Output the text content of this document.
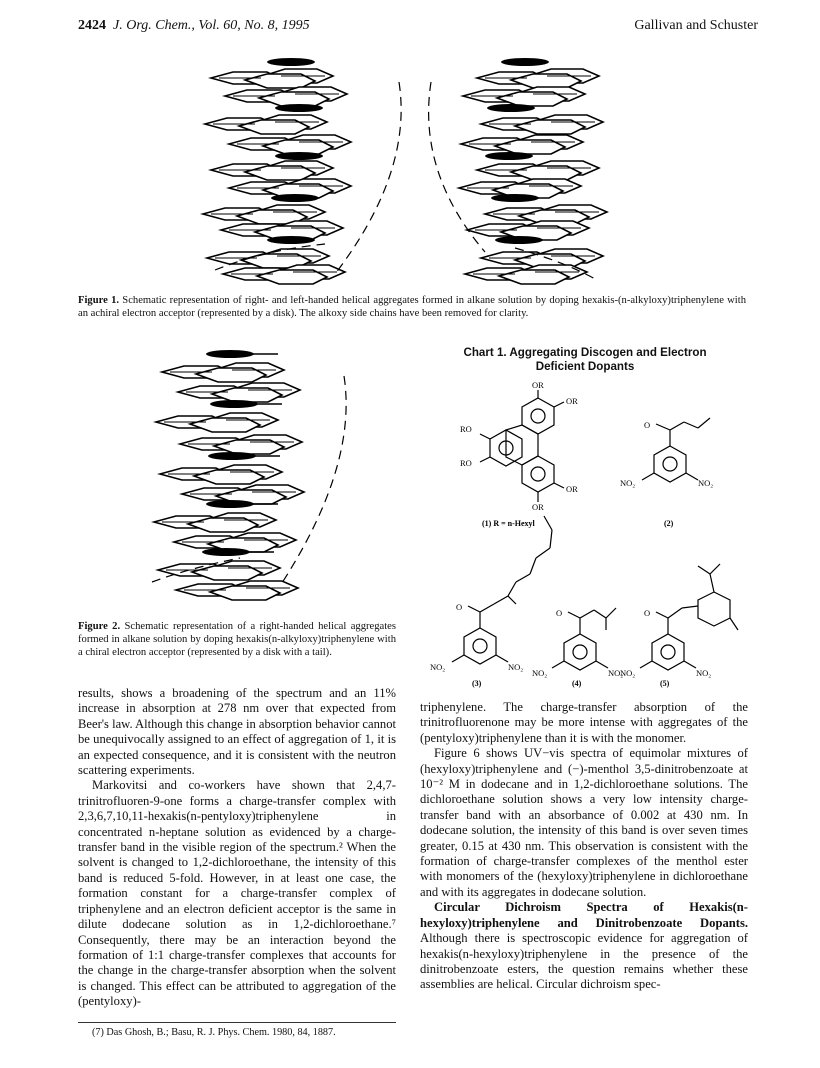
2424 J. Org. Chem., Vol. 60, No. 8, 1995	Gallivan and Schuster
Figure 1. Schematic representation of right- and left-handed helical aggregates formed in alkane solution by doping hexakis-(n-alkyloxy)triphenylene with an achiral electron acceptor (represented by a disk). The alkoxy side chains have been removed for clarity.
Figure 2. Schematic representation of a right-handed helical aggregates formed in alkane solution by doping hexakis(n-alkyloxy)triphenylene with a chiral electron acceptor (represented by a disk with a tail).
Chart 1. Aggregating Discogen and Electron
Deficient Dopants
OR
OR
RO
RO
OR
OR
O
NO₂	NO₂
O
NO₂	NO₂
O
NO₂	NO₂
O
NO₂	NO₂
(1) R = n-Hexyl	(2)
(3)	(4)	(5)

results, shows a broadening of the spectrum and an 11% increase in absorption at 278 nm over that expected from Beer's law. Although this change in absorption behavior cannot be unequivocally assigned to an effect of aggregation of 1, it is an expected consequence, and it is consistent with the neutron scattering experiments.

Markovitsi and co-workers have shown that 2,4,7-trinitrofluoren-9-one forms a charge-transfer complex with 2,3,6,7,10,11-hexakis(n-pentyloxy)triphenylene in concentrated n-heptane solution as evidenced by a charge-transfer band in the visible region of the spectrum.² When the solvent is changed to 1,2-dichloroethane, the intensity of this band is reduced 5-fold. However, in at least one case, the formation constant for a charge-transfer complex of triphenylene and an electron deficient acceptor is the same in dilute dodecane solution as in 1,2-dichloroethane.⁷ Consequently, there may be an interaction beyond the formation of 1:1 charge-transfer complexes that accounts for the change in the charge-transfer absorption when the solvent is changed. This effect can be attributed to aggregation of the (pentyloxy)-

(7) Das Ghosh, B.; Basu, R. J. Phys. Chem. 1980, 84, 1887.

triphenylene. The charge-transfer absorption of the trinitrofluorenone may be more intense with aggregates of the (pentyloxy)triphenylene than it is with the monomer.

Figure 6 shows UV−vis spectra of equimolar mixtures of (hexyloxy)triphenylene and (−)-menthol 3,5-dinitrobenzoate at 10⁻² M in dodecane and in 1,2-dichloroethane solutions. The dichloroethane solution shows a very low intensity charge-transfer band with an absorbance of 0.002 at 430 nm. In dodecane solution, the intensity of this band is over seven times greater, 0.15 at 430 nm. This observation is consistent with the formation of charge-transfer complexes of the menthol ester with monomers of the (hexyloxy)triphenylene in dichloroethane and with its aggregates in dodecane solution.

Circular Dichroism Spectra of Hexakis(n-hexyloxy)triphenylene and Dinitrobenzoate Dopants. Although there is spectroscopic evidence for aggregation of hexakis(n-hexyloxy)triphenylene in the presence of the dinitrobenzoate esters, the question remains whether these assemblies are helical. Circular dichroism spec-
